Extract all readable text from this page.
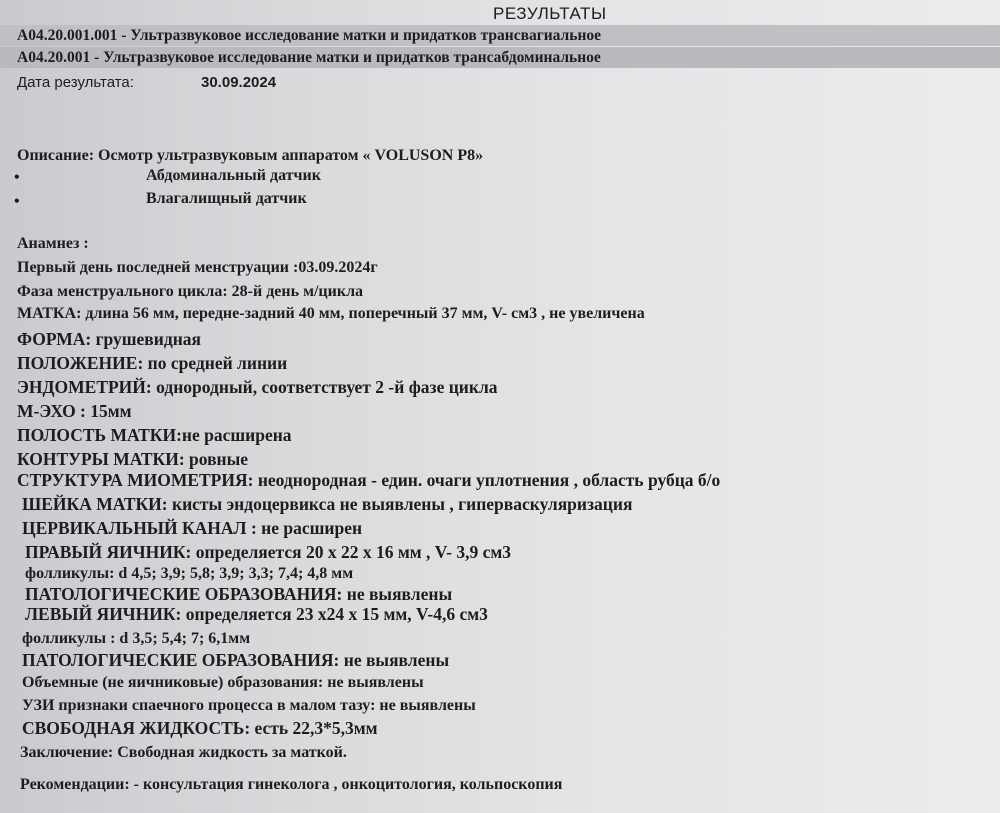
РЕЗУЛЬТАТЫ
А04.20.001.001 - Ультразвуковое исследование матки и придатков трансвагиальное
А04.20.001 - Ультразвуковое исследование матки и придатков трансабдоминальное
Дата результата:	30.09.2024
Описание: Осмотр ультразвуковым аппаратом « VOLUSON P8»
•	Абдоминальный датчик
•	Влагалищный датчик
Анамнез :
Первый день последней менструации :03.09.2024г
Фаза менструального цикла: 28-й день м/цикла
МАТКА: длина 56 мм, передне-задний 40 мм, поперечный 37 мм, V- см3 , не увеличена
ФОРМА: грушевидная
ПОЛОЖЕНИЕ: по средней линии
ЭНДОМЕТРИЙ: однородный, соответствует 2 -й фазе цикла
М-ЭХО : 15мм
ПОЛОСТЬ МАТКИ:не расширена
КОНТУРЫ МАТКИ: ровные
СТРУКТУРА МИОМЕТРИЯ: неоднородная - един. очаги уплотнения , область рубца б/о
ШЕЙКА МАТКИ: кисты эндоцервикса не выявлены , гиперваскуляризация
ЦЕРВИКАЛЬНЫЙ КАНАЛ : не расширен
ПРАВЫЙ ЯИЧНИК: определяется 20 х 22 х 16 мм , V- 3,9 см3
фолликулы: d 4,5; 3,9; 5,8; 3,9; 3,3; 7,4; 4,8 мм
ПАТОЛОГИЧЕСКИЕ ОБРАЗОВАНИЯ: не выявлены
ЛЕВЫЙ ЯИЧНИК: определяется 23 х24 х 15 мм, V-4,6 см3
фолликулы : d 3,5; 5,4; 7; 6,1мм
ПАТОЛОГИЧЕСКИЕ ОБРАЗОВАНИЯ: не выявлены
Объемные (не яичниковые) образования: не выявлены
УЗИ признаки спаечного процесса в малом тазу: не выявлены
СВОБОДНАЯ ЖИДКОСТЬ: есть 22,3*5,3мм
Заключение: Свободная жидкость за маткой.
Рекомендации: - консультация гинеколога , онкоцитология, кольпоскопия
